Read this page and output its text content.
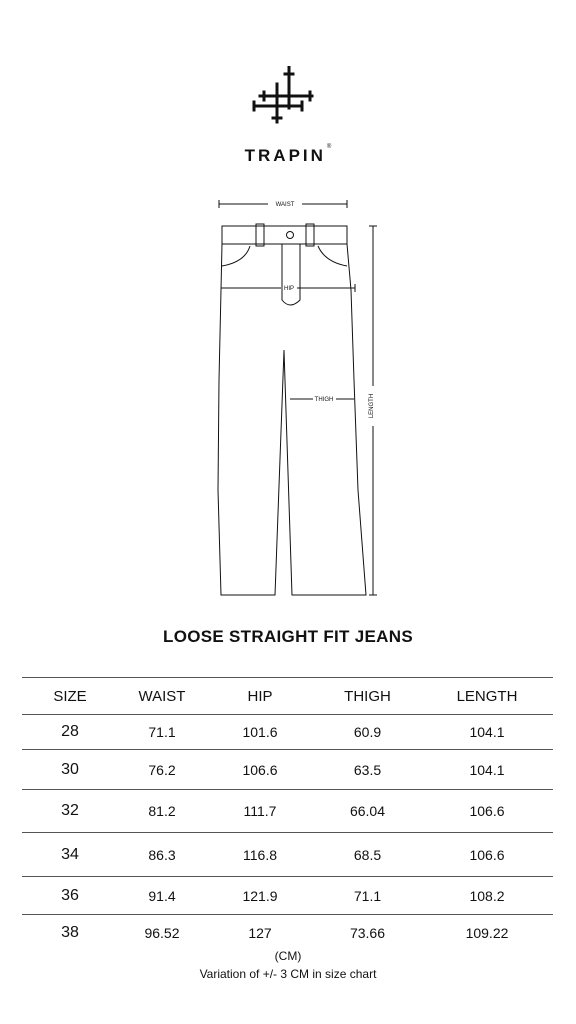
TRAPIN®
WAIST
HIP
THIGH	LENGTH
LOOSE STRAIGHT FIT JEANS
SIZE	WAIST	HIP	THIGH	LENGTH
28	71.1	101.6	60.9	104.1
30	76.2	106.6	63.5	104.1
32	81.2	111.7	66.04	106.6
34	86.3	116.8	68.5	106.6
36	91.4	121.9	71.1	108.2
38	96.52	127	73.66	109.22
(CM)
Variation of +/- 3 CM in size chart
